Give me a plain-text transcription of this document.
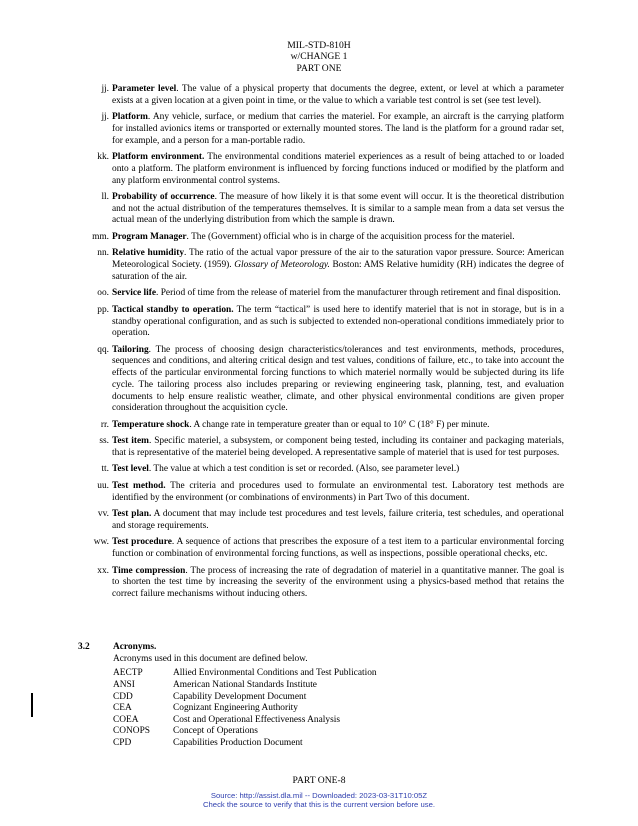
MIL-STD-810H
w/CHANGE 1
PART ONE
jj. Parameter level. The value of a physical property that documents the degree, extent, or level at which a parameter exists at a given location at a given point in time, or the value to which a variable test control is set (see test level).
jj. Platform. Any vehicle, surface, or medium that carries the materiel. For example, an aircraft is the carrying platform for installed avionics items or transported or externally mounted stores. The land is the platform for a ground radar set, for example, and a person for a man-portable radio.
kk. Platform environment. The environmental conditions materiel experiences as a result of being attached to or loaded onto a platform. The platform environment is influenced by forcing functions induced or modified by the platform and any platform environmental control systems.
ll. Probability of occurrence. The measure of how likely it is that some event will occur. It is the theoretical distribution and not the actual distribution of the temperatures themselves. It is similar to a sample mean from a data set versus the actual mean of the underlying distribution from which the sample is drawn.
mm. Program Manager. The (Government) official who is in charge of the acquisition process for the materiel.
nn. Relative humidity. The ratio of the actual vapor pressure of the air to the saturation vapor pressure. Source: American Meteorological Society. (1959). Glossary of Meteorology. Boston: AMS Relative humidity (RH) indicates the degree of saturation of the air.
oo. Service life. Period of time from the release of materiel from the manufacturer through retirement and final disposition.
pp. Tactical standby to operation. The term “tactical” is used here to identify materiel that is not in storage, but is in a standby operational configuration, and as such is subjected to extended non-operational conditions immediately prior to operation.
qq. Tailoring. The process of choosing design characteristics/tolerances and test environments, methods, procedures, sequences and conditions, and altering critical design and test values, conditions of failure, etc., to take into account the effects of the particular environmental forcing functions to which materiel normally would be subjected during its life cycle. The tailoring process also includes preparing or reviewing engineering task, planning, test, and evaluation documents to help ensure realistic weather, climate, and other physical environmental conditions are given proper consideration throughout the acquisition cycle.
rr. Temperature shock. A change rate in temperature greater than or equal to 10° C (18° F) per minute.
ss. Test item. Specific materiel, a subsystem, or component being tested, including its container and packaging materials, that is representative of the materiel being developed. A representative sample of materiel that is used for test purposes.
tt. Test level. The value at which a test condition is set or recorded. (Also, see parameter level.)
uu. Test method. The criteria and procedures used to formulate an environmental test. Laboratory test methods are identified by the environment (or combinations of environments) in Part Two of this document.
vv. Test plan. A document that may include test procedures and test levels, failure criteria, test schedules, and operational and storage requirements.
ww. Test procedure. A sequence of actions that prescribes the exposure of a test item to a particular environmental forcing function or combination of environmental forcing functions, as well as inspections, possible operational checks, etc.
xx. Time compression. The process of increasing the rate of degradation of materiel in a quantitative manner. The goal is to shorten the test time by increasing the severity of the environment using a physics-based method that retains the correct failure mechanisms without inducing others.
3.2 Acronyms.
Acronyms used in this document are defined below.
AECTP	Allied Environmental Conditions and Test Publication
ANSI	American National Standards Institute
CDD	Capability Development Document
CEA	Cognizant Engineering Authority
COEA	Cost and Operational Effectiveness Analysis
CONOPS	Concept of Operations
CPD	Capabilities Production Document
PART ONE-8
Source: http://assist.dla.mil -- Downloaded: 2023-03-31T10:05Z
Check the source to verify that this is the current version before use.
